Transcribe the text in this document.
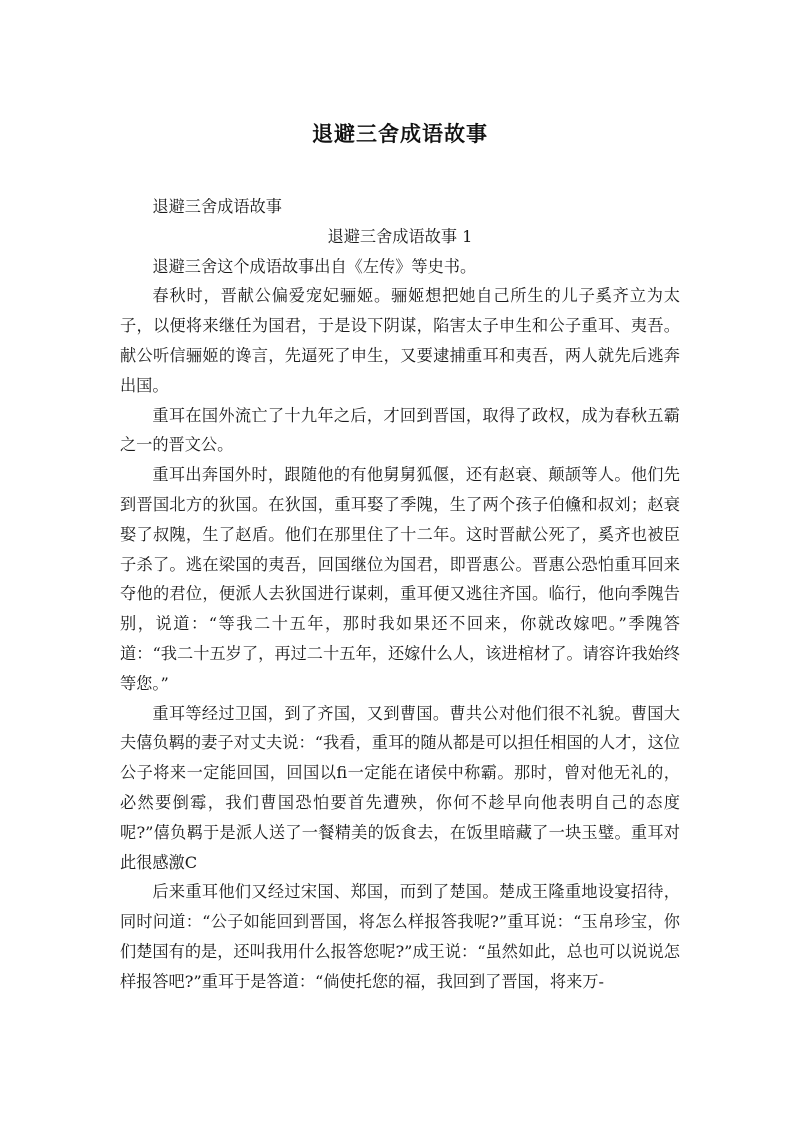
退避三舍成语故事

退避三舍成语故事

退避三舍成语故事 1

退避三舍这个成语故事出自《左传》等史书。

春秋时，晋献公偏爱宠妃骊姬。骊姬想把她自己所生的儿子奚齐立为太子，以便将来继任为国君，于是设下阴谋，陷害太子申生和公子重耳、夷吾。献公听信骊姬的谗言，先逼死了申生，又要逮捕重耳和夷吾，两人就先后逃奔出国。

重耳在国外流亡了十九年之后，才回到晋国，取得了政权，成为春秋五霸之一的晋文公。

重耳出奔国外时，跟随他的有他舅舅狐偃，还有赵衰、颠颉等人。他们先到晋国北方的狄国。在狄国，重耳娶了季隗，生了两个孩子伯儵和叔刘；赵衰娶了叔隗，生了赵盾。他们在那里住了十二年。这时晋献公死了，奚齐也被臣子杀了。逃在梁国的夷吾，回国继位为国君，即晋惠公。晋惠公恐怕重耳回来夺他的君位，便派人去狄国进行谋刺，重耳便又逃往齐国。临行，他向季隗告别，说道：“等我二十五年，那时我如果还不回来，你就改嫁吧。”季隗答道：“我二十五岁了，再过二十五年，还嫁什么人，该进棺材了。请容许我始终等您。”

重耳等经过卫国，到了齐国，又到曹国。曹共公对他们很不礼貌。曹国大夫僖负羁的妻子对丈夫说：“我看，重耳的随从都是可以担任相国的人才，这位公子将来一定能回国，回国以fi一定能在诸侯中称霸。那时，曾对他无礼的，必然要倒霉，我们曹国恐怕要首先遭殃，你何不趁早向他表明自己的态度呢?”僖负羁于是派人送了一餐精美的饭食去，在饭里暗藏了一块玉璧。重耳对此很感激C

后来重耳他们又经过宋国、郑国，而到了楚国。楚成王隆重地设宴招待，同时问道：“公子如能回到晋国，将怎么样报答我呢?”重耳说：“玉帛珍宝，你们楚国有的是，还叫我用什么报答您呢?”成王说：“虽然如此，总也可以说说怎样报答吧?”重耳于是答道：“倘使托您的福，我回到了晋国，将来万-
